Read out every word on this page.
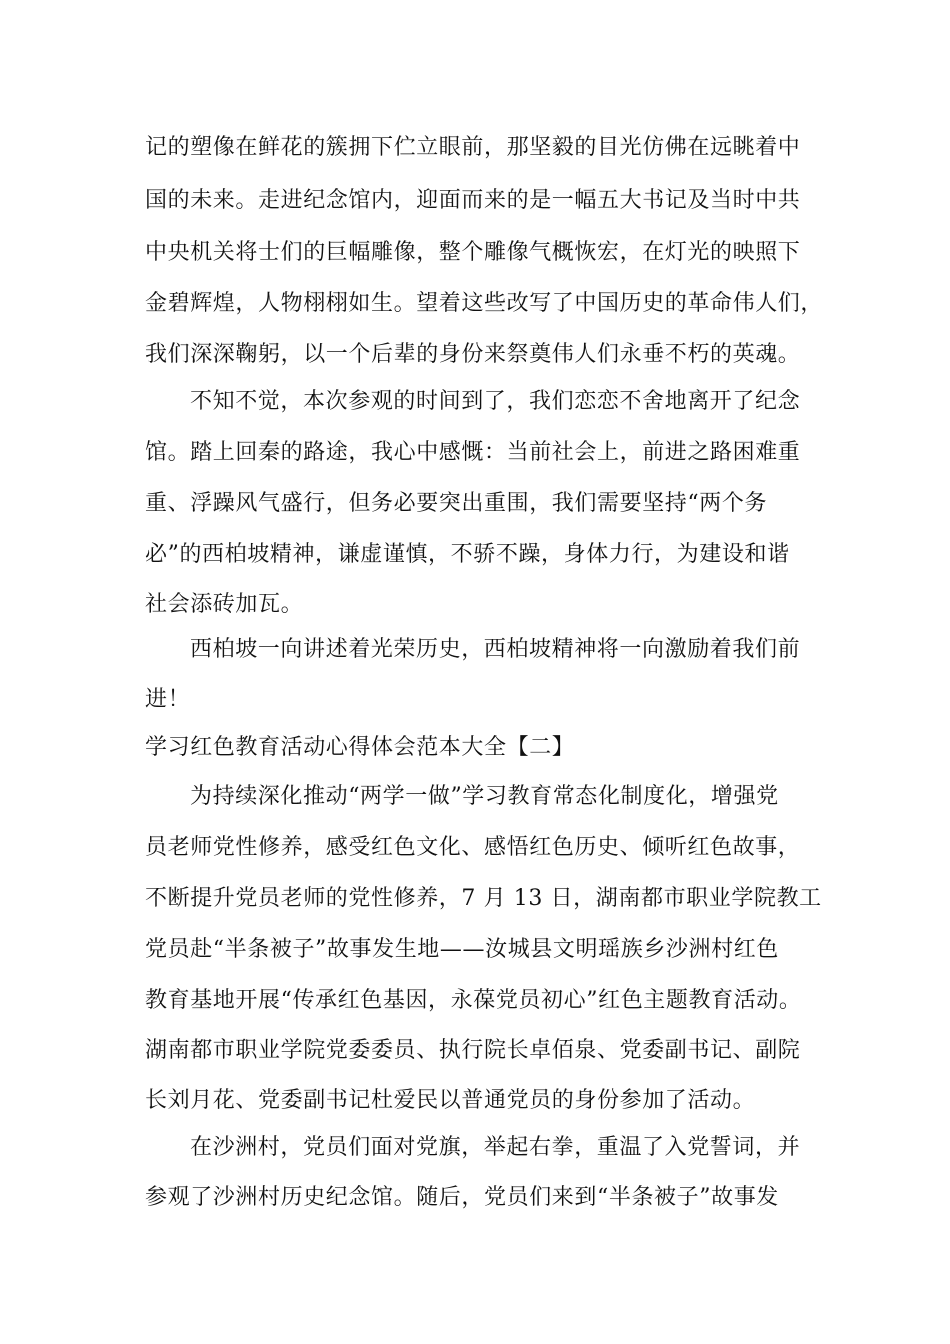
记的塑像在鲜花的簇拥下伫立眼前，那坚毅的目光仿佛在远眺着中
国的未来。走进纪念馆内，迎面而来的是一幅五大书记及当时中共
中央机关将士们的巨幅雕像，整个雕像气概恢宏，在灯光的映照下
金碧辉煌，人物栩栩如生。望着这些改写了中国历史的革命伟人们，
我们深深鞠躬，以一个后辈的身份来祭奠伟人们永垂不朽的英魂。
不知不觉，本次参观的时间到了，我们恋恋不舍地离开了纪念
馆。踏上回秦的路途，我心中感慨：当前社会上，前进之路困难重
重、浮躁风气盛行，但务必要突出重围，我们需要坚持“两个务
必”的西柏坡精神，谦虚谨慎，不骄不躁，身体力行，为建设和谐
社会添砖加瓦。
西柏坡一向讲述着光荣历史，西柏坡精神将一向激励着我们前
进！
学习红色教育活动心得体会范本大全【二】
为持续深化推动“两学一做”学习教育常态化制度化，增强党
员老师党性修养，感受红色文化、感悟红色历史、倾听红色故事，
不断提升党员老师的党性修养，7 月 13 日，湖南都市职业学院教工
党员赴“半条被子”故事发生地——汝城县文明瑶族乡沙洲村红色
教育基地开展“传承红色基因，永葆党员初心”红色主题教育活动。
湖南都市职业学院党委委员、执行院长卓佰泉、党委副书记、副院
长刘月花、党委副书记杜爱民以普通党员的身份参加了活动。
在沙洲村，党员们面对党旗，举起右拳，重温了入党誓词，并
参观了沙洲村历史纪念馆。随后，党员们来到“半条被子”故事发
